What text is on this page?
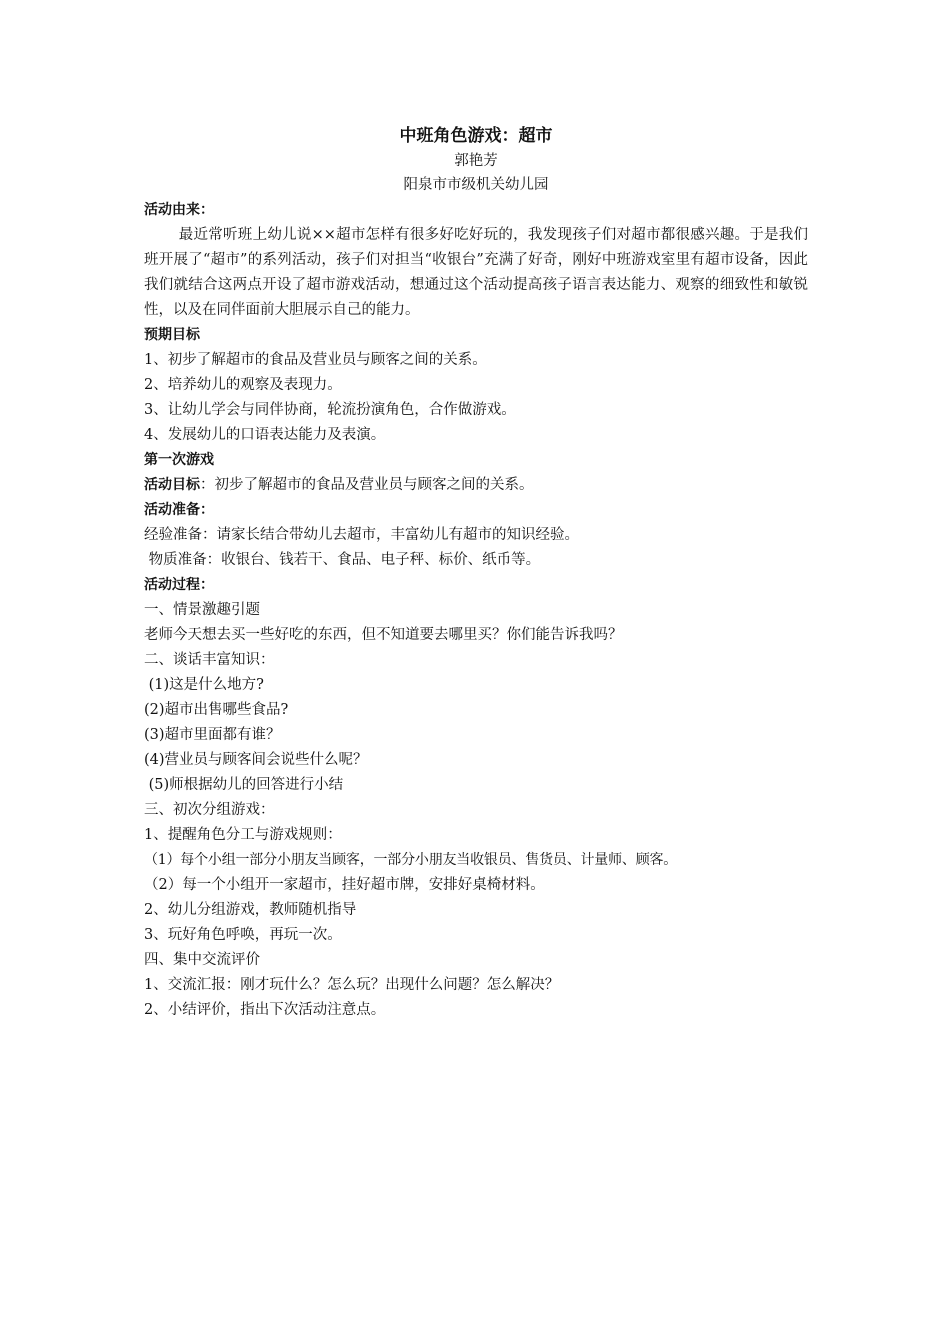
中班角色游戏：超市
郭艳芳
阳泉市市级机关幼儿园
活动由来：
最近常听班上幼儿说××超市怎样有很多好吃好玩的，我发现孩子们对超市都很感兴趣。于是我们班开展了“超市”的系列活动，孩子们对担当“收银台”充满了好奇，刚好中班游戏室里有超市设备，因此我们就结合这两点开设了超市游戏活动，想通过这个活动提高孩子语言表达能力、观察的细致性和敏锐性，以及在同伴面前大胆展示自己的能力。
预期目标
1、初步了解超市的食品及营业员与顾客之间的关系。
2、培养幼儿的观察及表现力。
3、让幼儿学会与同伴协商，轮流扮演角色，合作做游戏。
4、发展幼儿的口语表达能力及表演。
第一次游戏
活动目标：初步了解超市的食品及营业员与顾客之间的关系。
活动准备：
经验准备：请家长结合带幼儿去超市，丰富幼儿有超市的知识经验。
物质准备：收银台、钱若干、食品、电子秤、标价、纸币等。
活动过程：
一、情景激趣引题
老师今天想去买一些好吃的东西，但不知道要去哪里买？你们能告诉我吗？
二、谈话丰富知识：
(1)这是什么地方?
(2)超市出售哪些食品?
(3)超市里面都有谁？
(4)营业员与顾客间会说些什么呢？
(5)师根据幼儿的回答进行小结
三、初次分组游戏：
1、提醒角色分工与游戏规则：
（1）每个小组一部分小朋友当顾客，一部分小朋友当收银员、售货员、计量师、顾客。
（2）每一个小组开一家超市，挂好超市牌，安排好桌椅材料。
2、幼儿分组游戏，教师随机指导
3、玩好角色呼唤，再玩一次。
四、集中交流评价
1、交流汇报：刚才玩什么？怎么玩？出现什么问题？怎么解决？
2、小结评价，指出下次活动注意点。
